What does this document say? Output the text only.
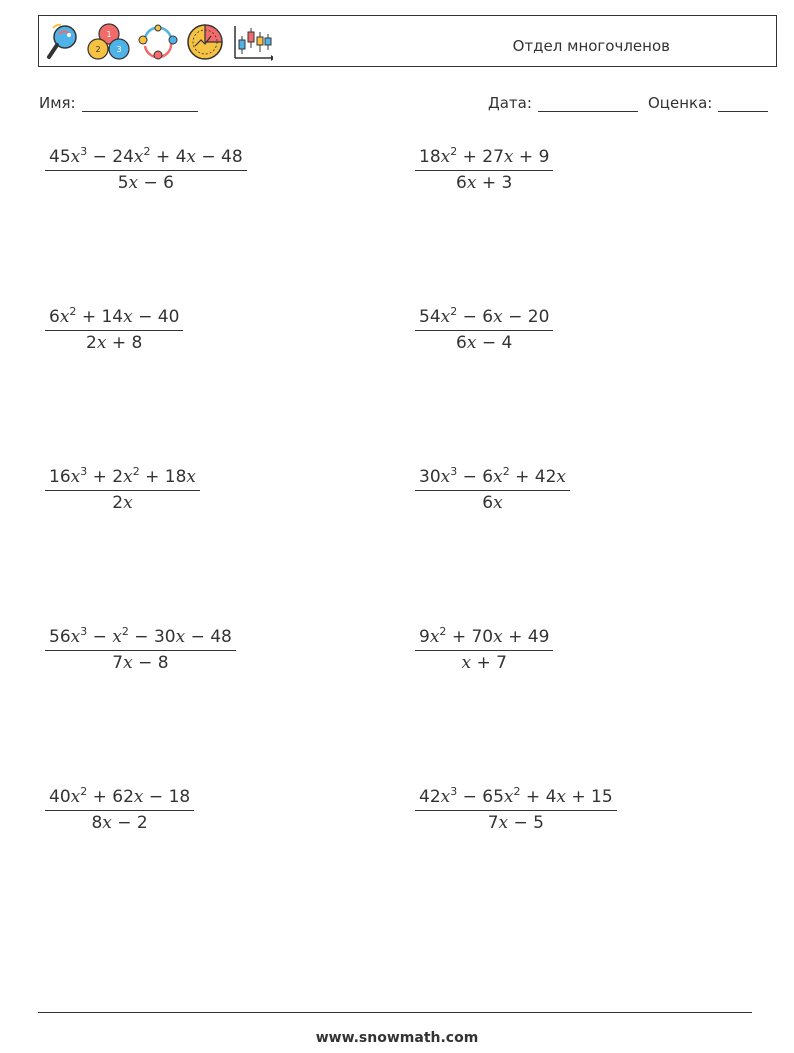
1
2 3	Отдел многочленов
Имя:	Дата:	Оценка:
$\frac{45x^3 - 24x^2 + 4x - 48}{5x - 6}$	$\frac{18x^2 + 27x + 9}{6x + 3}$
$\frac{6x^2 + 14x - 40}{2x + 8}$	$\frac{54x^2 - 6x - 20}{6x - 4}$
$\frac{16x^3 + 2x^2 + 18x}{2x}$	$\frac{30x^3 - 6x^2 + 42x}{6x}$
$\frac{56x^3 - x^2 - 30x - 48}{7x - 8}$	$\frac{9x^2 + 70x + 49}{x + 7}$
$\frac{40x^2 + 62x - 18}{8x - 2}$	$\frac{42x^3 - 65x^2 + 4x + 15}{7x - 5}$
www.snowmath.com
